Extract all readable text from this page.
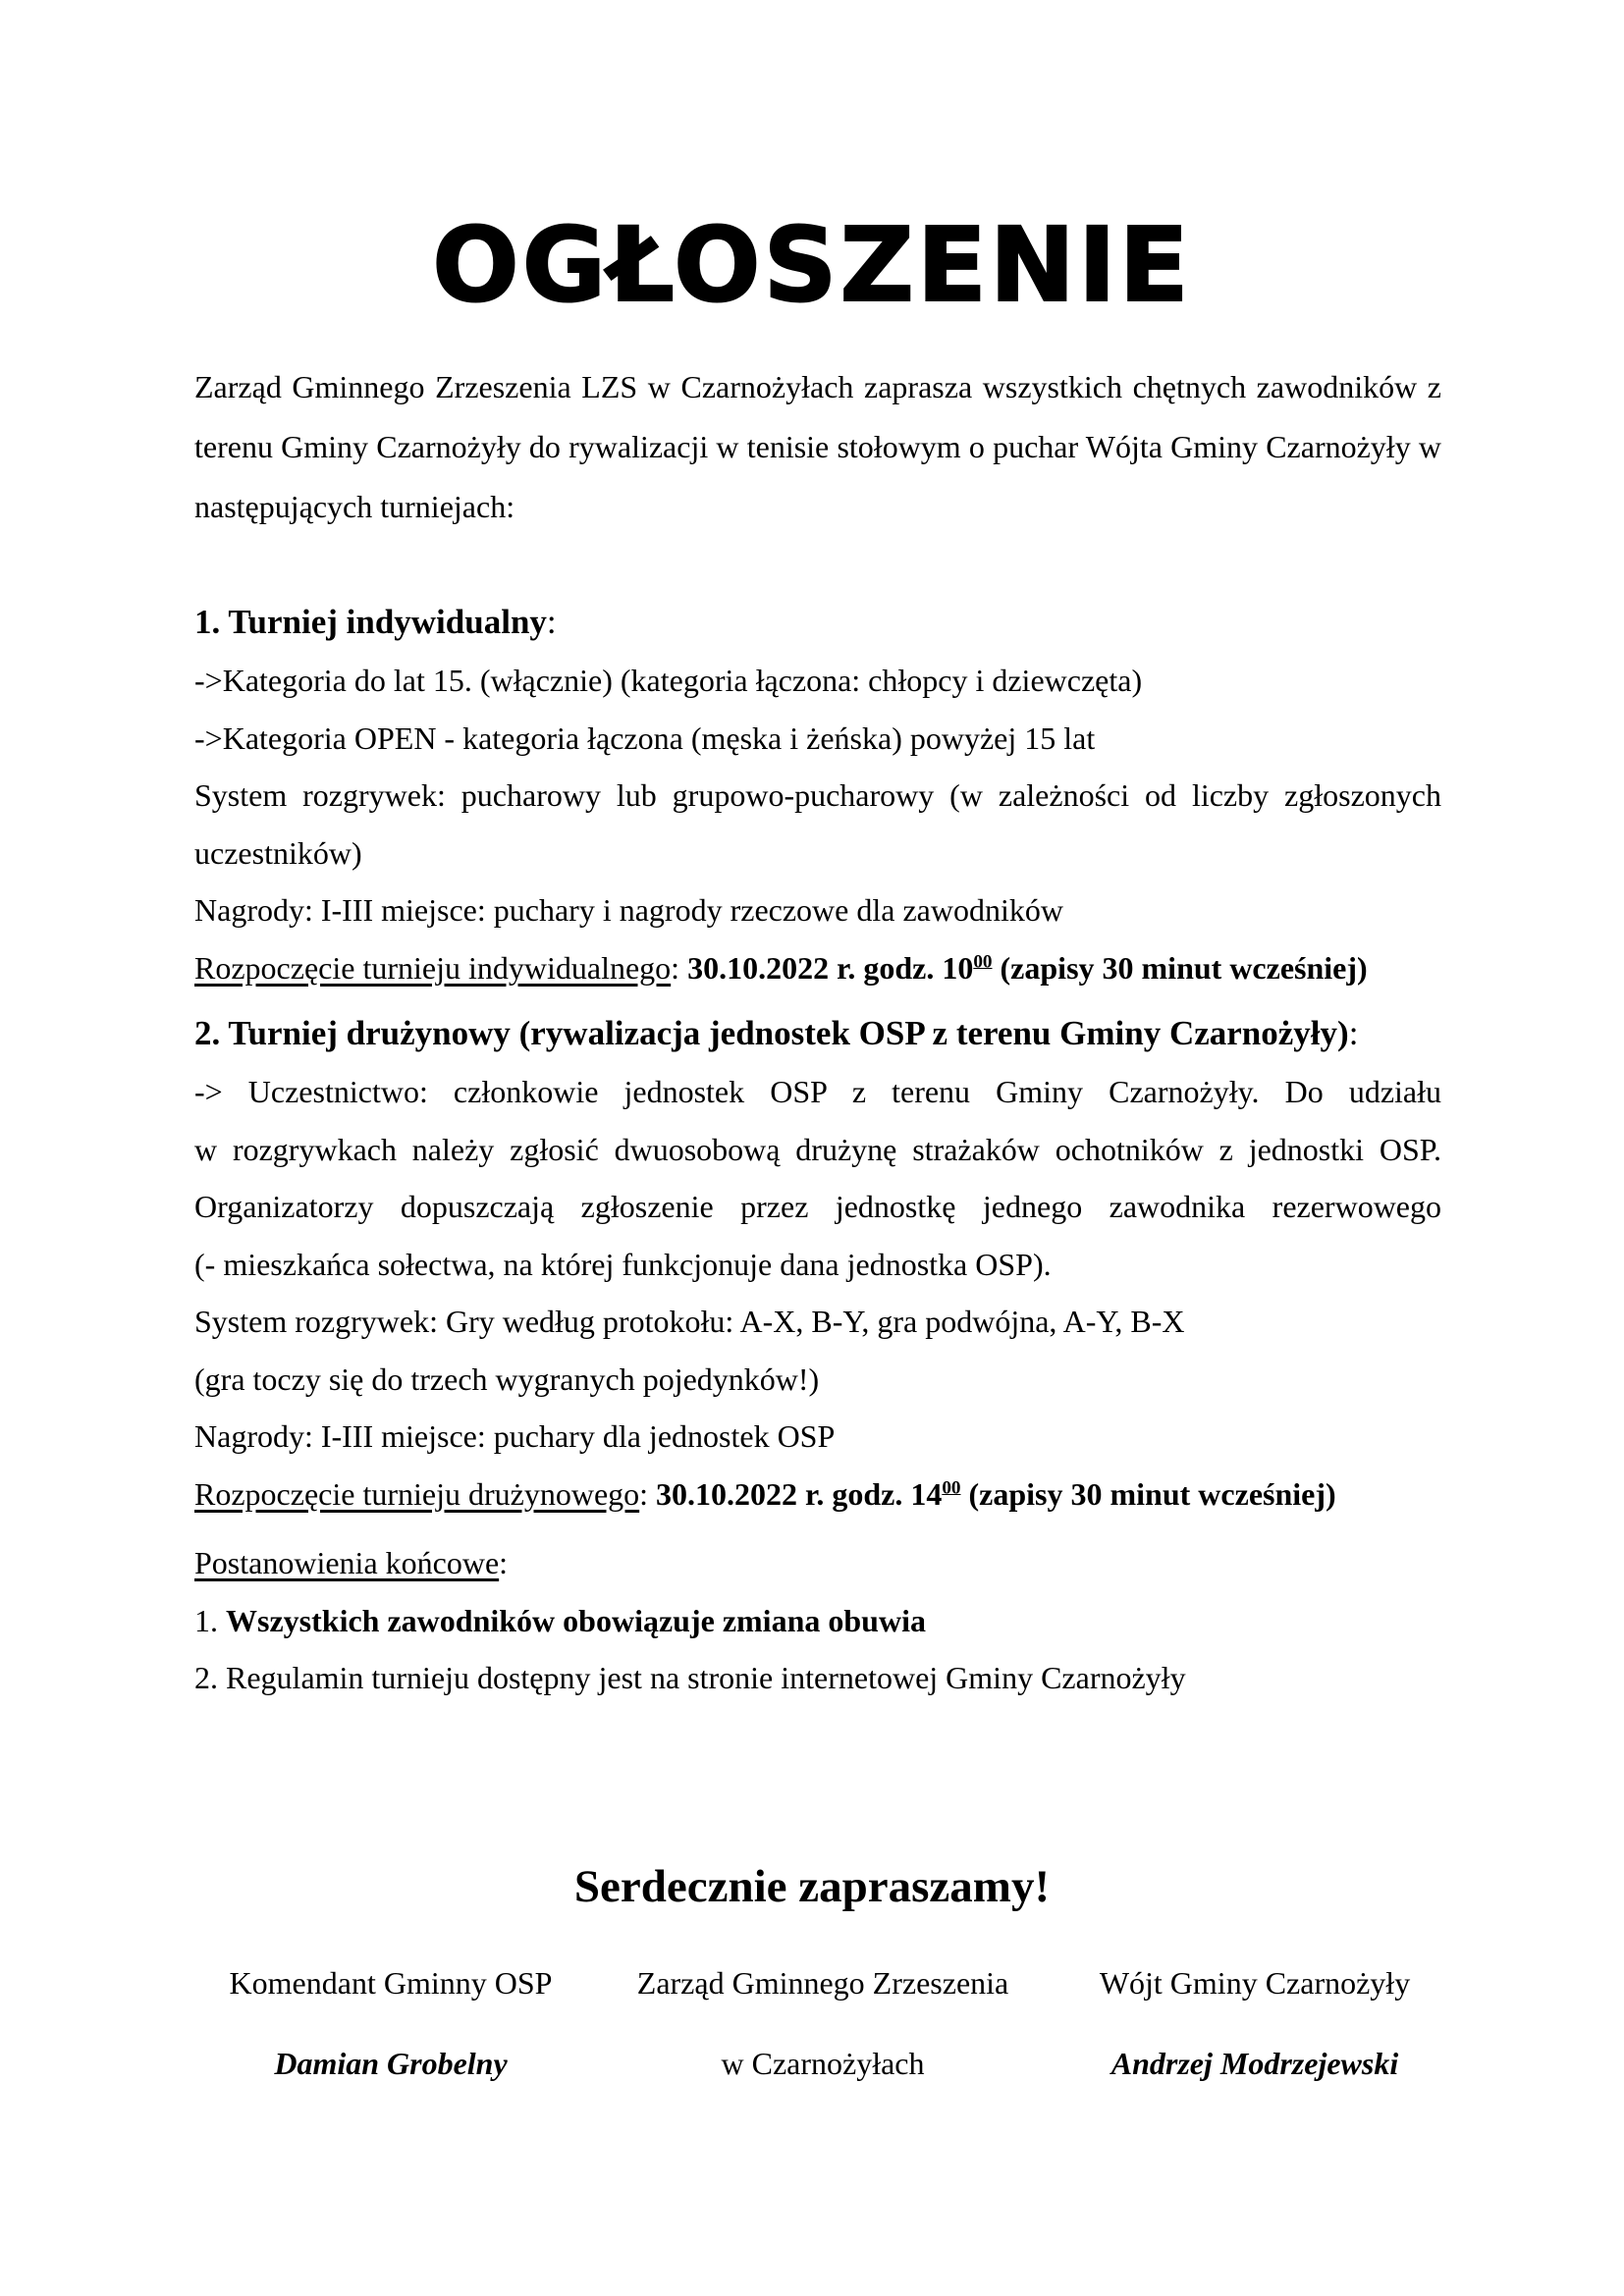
OGŁOSZENIE

Zarząd Gminnego Zrzeszenia LZS w Czarnożyłach zaprasza wszystkich chętnych zawodników z terenu Gminy Czarnożyły do rywalizacji w tenisie stołowym o puchar Wójta Gminy Czarnożyły w następujących turniejach:

1. Turniej indywidualny:

->Kategoria do lat 15. (włącznie) (kategoria łączona: chłopcy i dziewczęta)

->Kategoria OPEN - kategoria łączona (męska i żeńska) powyżej 15 lat

System rozgrywek: pucharowy lub grupowo-pucharowy (w zależności od liczby zgłoszonych

uczestników)

Nagrody: I-III miejsce: puchary i nagrody rzeczowe dla zawodników

Rozpoczęcie turnieju indywidualnego: 30.10.2022 r. godz. $10^{00}$ (zapisy 30 minut wcześniej)

2. Turniej drużynowy (rywalizacja jednostek OSP z terenu Gminy Czarnożyły):

-> Uczestnictwo: członkowie jednostek OSP z terenu Gminy Czarnożyły. Do udziału

w rozgrywkach należy zgłosić dwuosobową drużynę strażaków ochotników z jednostki OSP.

Organizatorzy dopuszczają zgłoszenie przez jednostkę jednego zawodnika rezerwowego

(- mieszkańca sołectwa, na której funkcjonuje dana jednostka OSP).

System rozgrywek: Gry według protokołu: A-X, B-Y, gra podwójna, A-Y, B-X

(gra toczy się do trzech wygranych pojedynków!)

Nagrody: I-III miejsce: puchary dla jednostek OSP

Rozpoczęcie turnieju drużynowego: 30.10.2022 r. godz. $14^{00}$ (zapisy 30 minut wcześniej)

Postanowienia końcowe:

1. Wszystkich zawodników obowiązuje zmiana obuwia

2. Regulamin turnieju dostępny jest na stronie internetowej Gminy Czarnożyły

Serdecznie zapraszamy!
Komendant Gminny OSP
Damian Grobelny
Zarząd Gminnego Zrzeszenia
w Czarnożyłach
Wójt Gminy Czarnożyły
Andrzej Modrzejewski
